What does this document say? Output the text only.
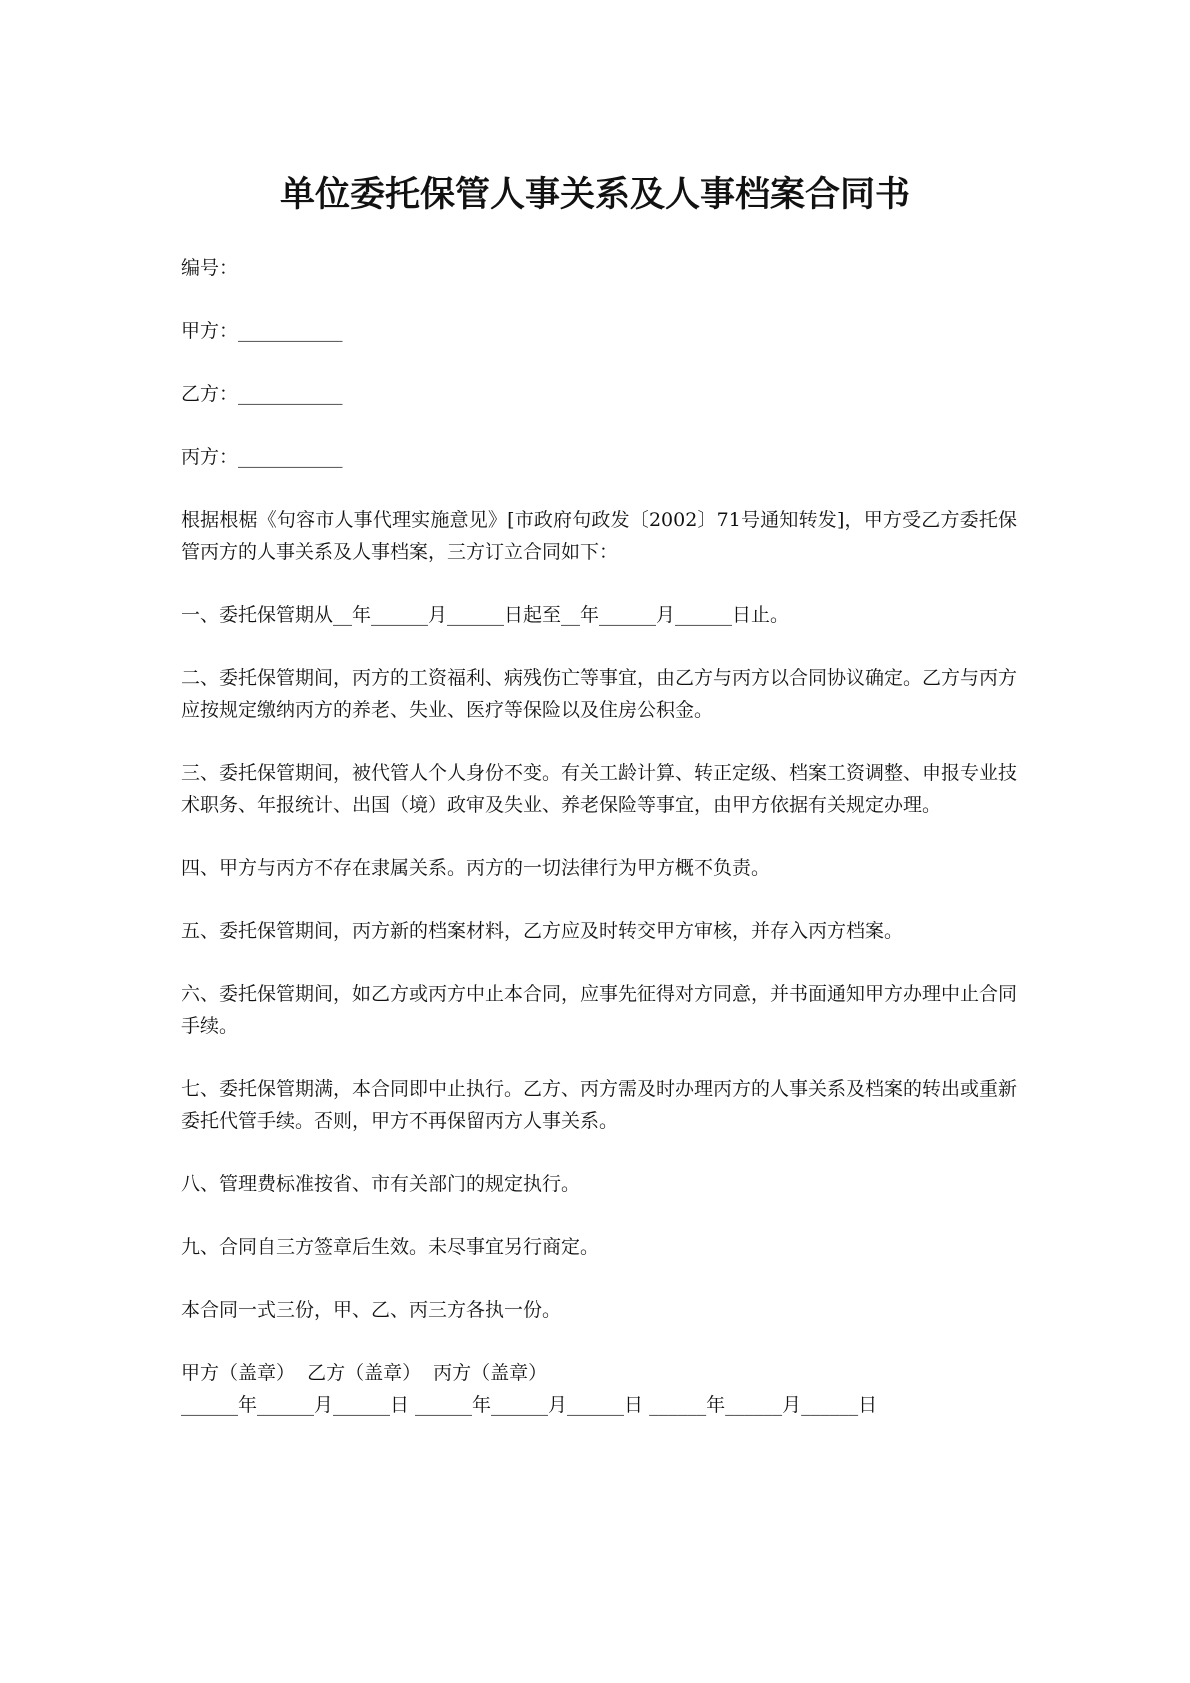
单位委托保管人事关系及人事档案合同书

编号：

甲方：___________

乙方：___________

丙方：___________

根据根椐《句容市人事代理实施意见》[市政府句政发〔2002〕71号通知转发]，甲方受乙方委托保管丙方的人事关系及人事档案，三方订立合同如下：

一、委托保管期从__年______月______日起至__年______月______日止。

二、委托保管期间，丙方的工资福利、病残伤亡等事宜，由乙方与丙方以合同协议确定。乙方与丙方应按规定缴纳丙方的养老、失业、医疗等保险以及住房公积金。

三、委托保管期间，被代管人个人身份不变。有关工龄计算、转正定级、档案工资调整、申报专业技术职务、年报统计、出国（境）政审及失业、养老保险等事宜，由甲方依据有关规定办理。

四、甲方与丙方不存在隶属关系。丙方的一切法律行为甲方概不负责。

五、委托保管期间，丙方新的档案材料，乙方应及时转交甲方审核，并存入丙方档案。

六、委托保管期间，如乙方或丙方中止本合同，应事先征得对方同意，并书面通知甲方办理中止合同手续。

七、委托保管期满，本合同即中止执行。乙方、丙方需及时办理丙方的人事关系及档案的转出或重新委托代管手续。否则，甲方不再保留丙方人事关系。

八、管理费标准按省、市有关部门的规定执行。

九、合同自三方签章后生效。未尽事宜另行商定。

本合同一式三份，甲、乙、丙三方各执一份。

甲方（盖章）  乙方（盖章）  丙方（盖章）
______年______月______日 ______年______月______日 ______年______月______日
